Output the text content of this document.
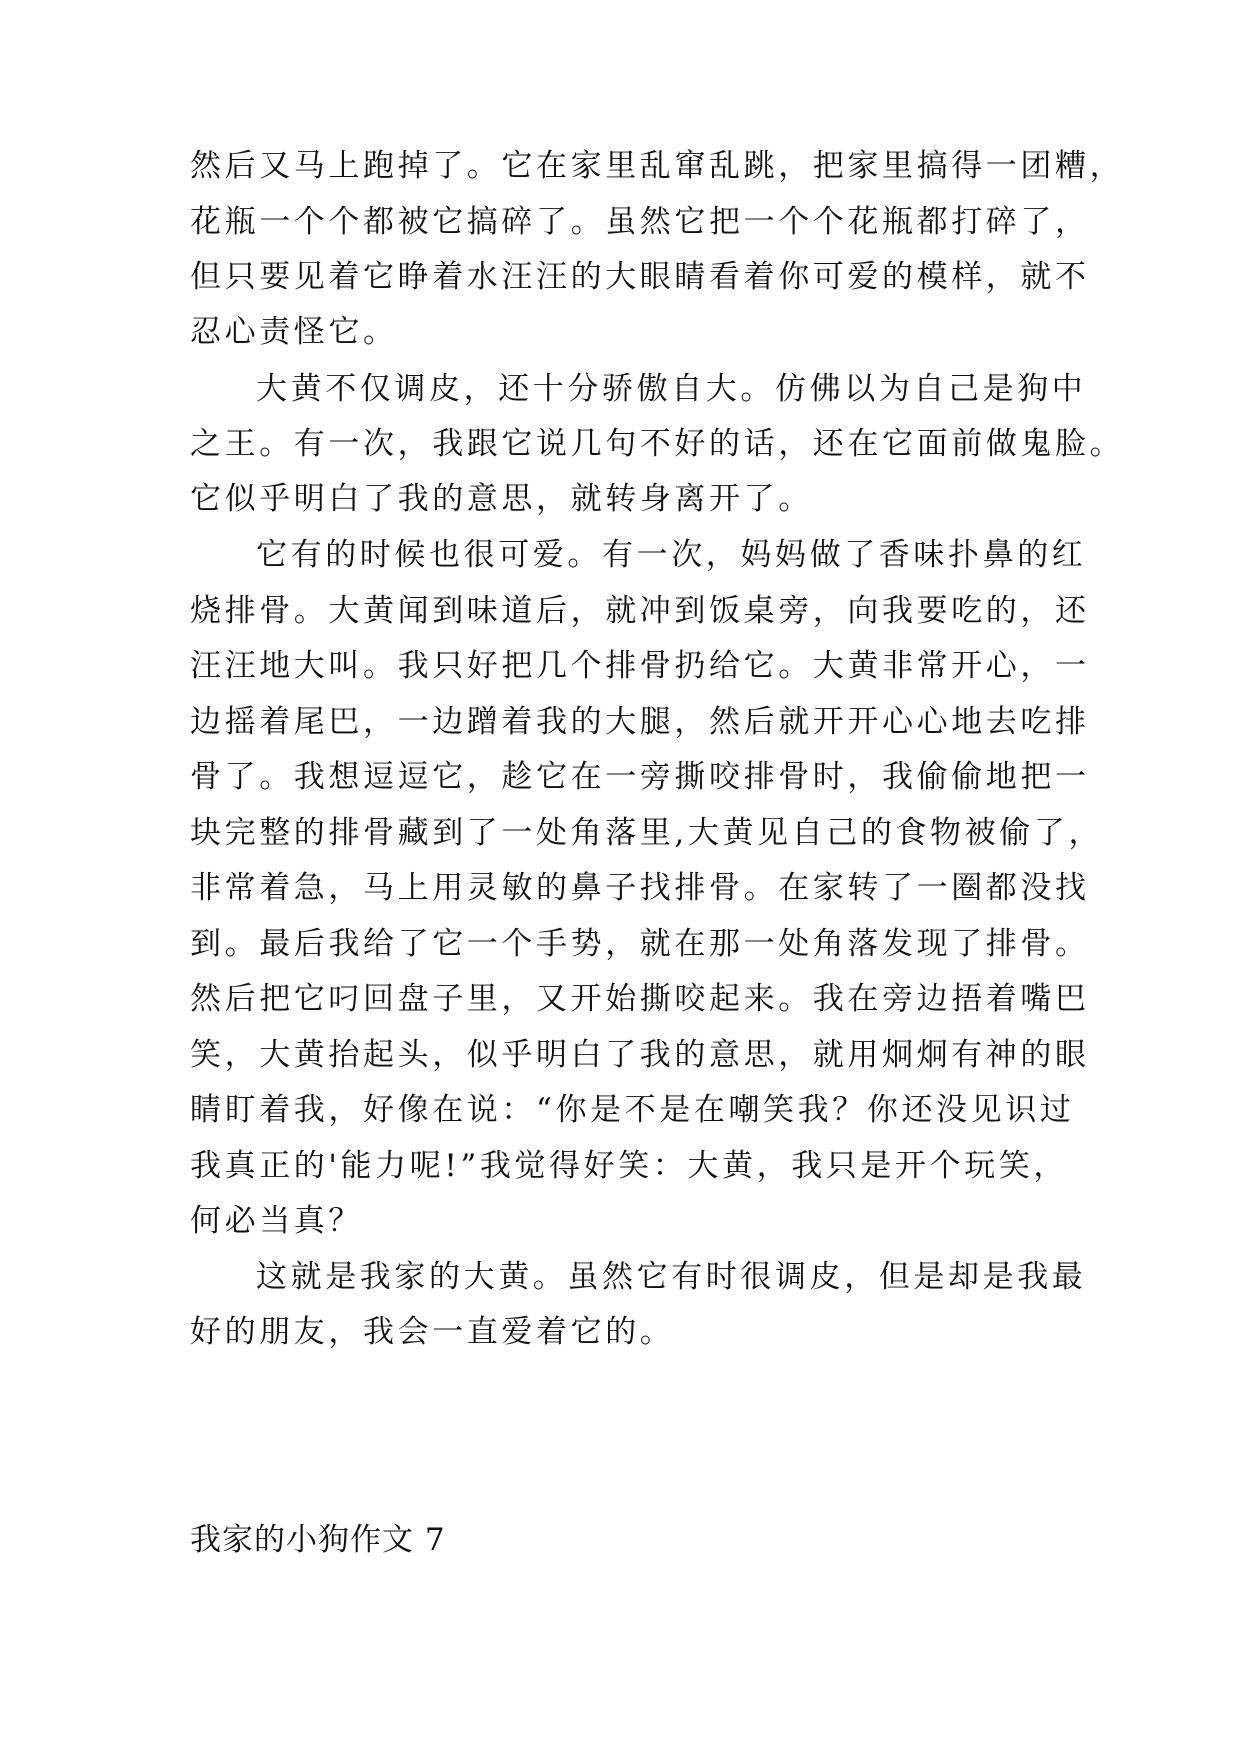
然后又马上跑掉了。它在家里乱窜乱跳，把家里搞得一团糟，
花瓶一个个都被它搞碎了。虽然它把一个个花瓶都打碎了，
但只要见着它睁着水汪汪的大眼睛看着你可爱的模样，就不
忍心责怪它。
大黄不仅调皮，还十分骄傲自大。仿佛以为自己是狗中
之王。有一次，我跟它说几句不好的话，还在它面前做鬼脸。
它似乎明白了我的意思，就转身离开了。
它有的时候也很可爱。有一次，妈妈做了香味扑鼻的红
烧排骨。大黄闻到味道后，就冲到饭桌旁，向我要吃的，还
汪汪地大叫。我只好把几个排骨扔给它。大黄非常开心，一
边摇着尾巴，一边蹭着我的大腿，然后就开开心心地去吃排
骨了。我想逗逗它，趁它在一旁撕咬排骨时，我偷偷地把一
块完整的排骨藏到了一处角落里,大黄见自己的食物被偷了，
非常着急，马上用灵敏的鼻子找排骨。在家转了一圈都没找
到。最后我给了它一个手势，就在那一处角落发现了排骨。
然后把它叼回盘子里，又开始撕咬起来。我在旁边捂着嘴巴
笑，大黄抬起头，似乎明白了我的意思，就用炯炯有神的眼
睛盯着我，好像在说：“你是不是在嘲笑我？你还没见识过
我真正的'能力呢!”我觉得好笑：大黄，我只是开个玩笑，
何必当真？
这就是我家的大黄。虽然它有时很调皮，但是却是我最
好的朋友，我会一直爱着它的。
我家的小狗作文 7
